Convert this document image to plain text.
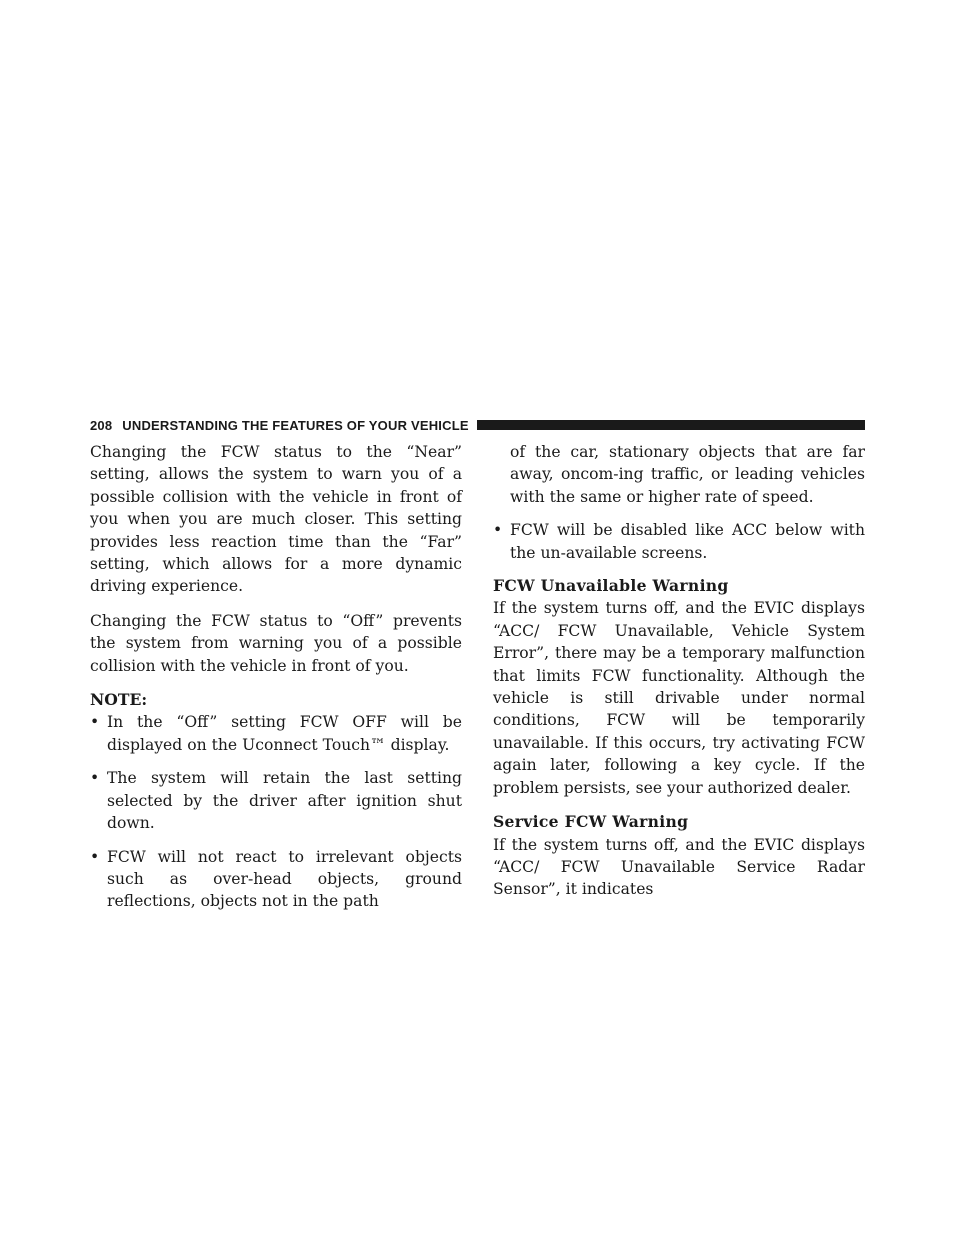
208 UNDERSTANDING THE FEATURES OF YOUR VEHICLE

Changing the FCW status to the “Near” setting, allows the system to warn you of a possible collision with the vehicle in front of you when you are much closer. This setting provides less reaction time than the “Far” setting, which allows for a more dynamic driving experience.

Changing the FCW status to “Off” prevents the system from warning you of a possible collision with the vehicle in front of you.

NOTE:

• In the “Off” setting FCW OFF will be displayed on the Uconnect Touch™ display.
• The system will retain the last setting selected by the driver after ignition shut down.
• FCW will not react to irrelevant objects such as over-head objects, ground reflections, objects not in the path

of the car, stationary objects that are far away, oncom-ing traffic, or leading vehicles with the same or higher rate of speed.

• FCW will be disabled like ACC below with the un-available screens.
FCW Unavailable Warning

If the system turns off, and the EVIC displays “ACC/ FCW Unavailable, Vehicle System Error”, there may be a temporary malfunction that limits FCW functionality. Although the vehicle is still drivable under normal conditions, FCW will be temporarily unavailable. If this occurs, try activating FCW again later, following a key cycle. If the problem persists, see your authorized dealer.

Service FCW Warning

If the system turns off, and the EVIC displays “ACC/ FCW Unavailable Service Radar Sensor”, it indicates
